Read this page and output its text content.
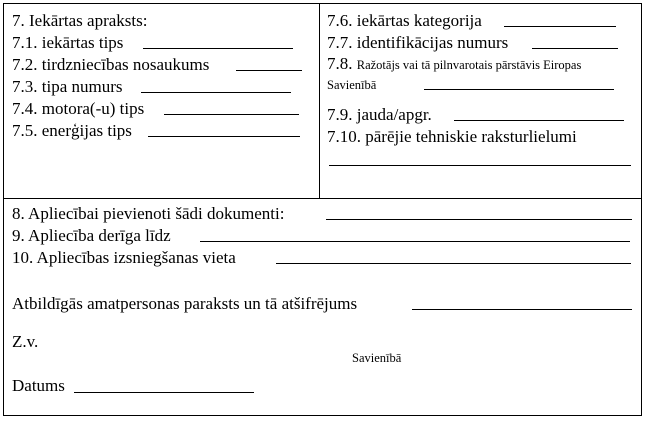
7. Iekārtas apraksts:
7.1. iekārtas tips
7.2. tirdzniecības nosaukums
7.3. tipa numurs
7.4. motora(-u) tips
7.5. enerģijas tips
7.6. iekārtas kategorija
7.7. identifikācijas numurs
7.8. Ražotājs vai tā pilnvarotais pārstāvis Eiropas
Savienībā
7.9. jauda/apgr.
7.10. pārējie tehniskie raksturlielumi
8. Apliecībai pievienoti šādi dokumenti:
9. Apliecība derīga līdz
10. Apliecības izsniegšanas vieta
Atbildīgās amatpersonas paraksts un tā atšifrējums
Z.v.
Savienībā
Datums
